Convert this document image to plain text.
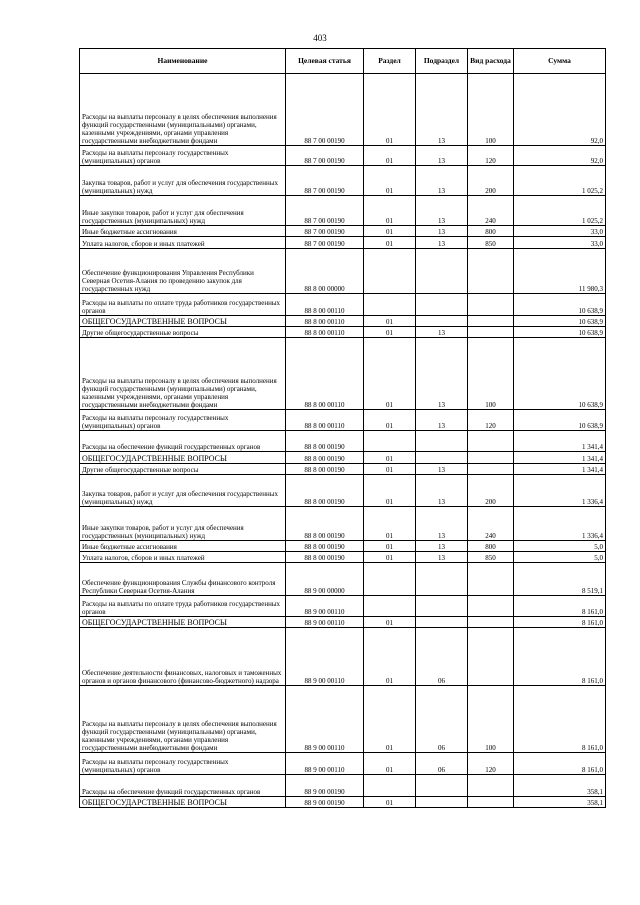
403
Наименование	Целевая статья	Раздел	Подраздел	Вид расхода	Сумма
Расходы на выплаты персоналу в целях обеспечения выполнения функций государственными (муниципальными) органами, казенными учреждениями, органами управления государственными внебюджетными фондами	88 7 00 00190	01	13	100	92,0
Расходы на выплаты персоналу государственных (муниципальных) органов	88 7 00 00190	01	13	120	92,0
Закупка товаров, работ и услуг для обеспечения государственных (муниципальных) нужд	88 7 00 00190	01	13	200	1 025,2
Иные закупки товаров, работ и услуг для обеспечения государственных (муниципальных) нужд	88 7 00 00190	01	13	240	1 025,2
Иные бюджетные ассигнования	88 7 00 00190	01	13	800	33,0
Уплата налогов, сборов и иных платежей	88 7 00 00190	01	13	850	33,0
Обеспечение функционирования Управления Республики Северная Осетия-Алания по проведению закупок для государственных нужд	88 8 00 00000				11 980,3
Расходы на выплаты по оплате труда работников государственных органов	88 8 00 00110				10 638,9
ОБЩЕГОСУДАРСТВЕННЫЕ ВОПРОСЫ	88 8 00 00110	01			10 638,9
Другие общегосударственные вопросы	88 8 00 00110	01	13		10 638,9
Расходы на выплаты персоналу в целях обеспечения выполнения функций государственными (муниципальными) органами, казенными учреждениями, органами управления государственными внебюджетными фондами	88 8 00 00110	01	13	100	10 638,9
Расходы на выплаты персоналу государственных (муниципальных) органов	88 8 00 00110	01	13	120	10 638,9
Расходы на обеспечение функций государственных органов	88 8 00 00190				1 341,4
ОБЩЕГОСУДАРСТВЕННЫЕ ВОПРОСЫ	88 8 00 00190	01			1 341,4
Другие общегосударственные вопросы	88 8 00 00190	01	13		1 341,4
Закупка товаров, работ и услуг для обеспечения государственных (муниципальных) нужд	88 8 00 00190	01	13	200	1 336,4
Иные закупки товаров, работ и услуг для обеспечения государственных (муниципальных) нужд	88 8 00 00190	01	13	240	1 336,4
Иные бюджетные ассигнования	88 8 00 00190	01	13	800	5,0
Уплата налогов, сборов и иных платежей	88 8 00 00190	01	13	850	5,0
Обеспечение функционирования Службы финансового контроля Республики Северная Осетия-Алания	88 9 00 00000				8 519,1
Расходы на выплаты по оплате труда работников государственных органов	88 9 00 00110				8 161,0
ОБЩЕГОСУДАРСТВЕННЫЕ ВОПРОСЫ	88 9 00 00110	01			8 161,0
Обеспечение деятельности финансовых, налоговых и таможенных органов и органов финансового (финансово-бюджетного) надзора	88 9 00 00110	01	06		8 161,0
Расходы на выплаты персоналу в целях обеспечения выполнения функций государственными (муниципальными) органами, казенными учреждениями, органами управления государственными внебюджетными фондами	88 9 00 00110	01	06	100	8 161,0
Расходы на выплаты персоналу государственных (муниципальных) органов	88 9 00 00110	01	06	120	8 161,0
Расходы на обеспечение функций государственных органов	88 9 00 00190				358,1
ОБЩЕГОСУДАРСТВЕННЫЕ ВОПРОСЫ	88 9 00 00190	01			358,1
